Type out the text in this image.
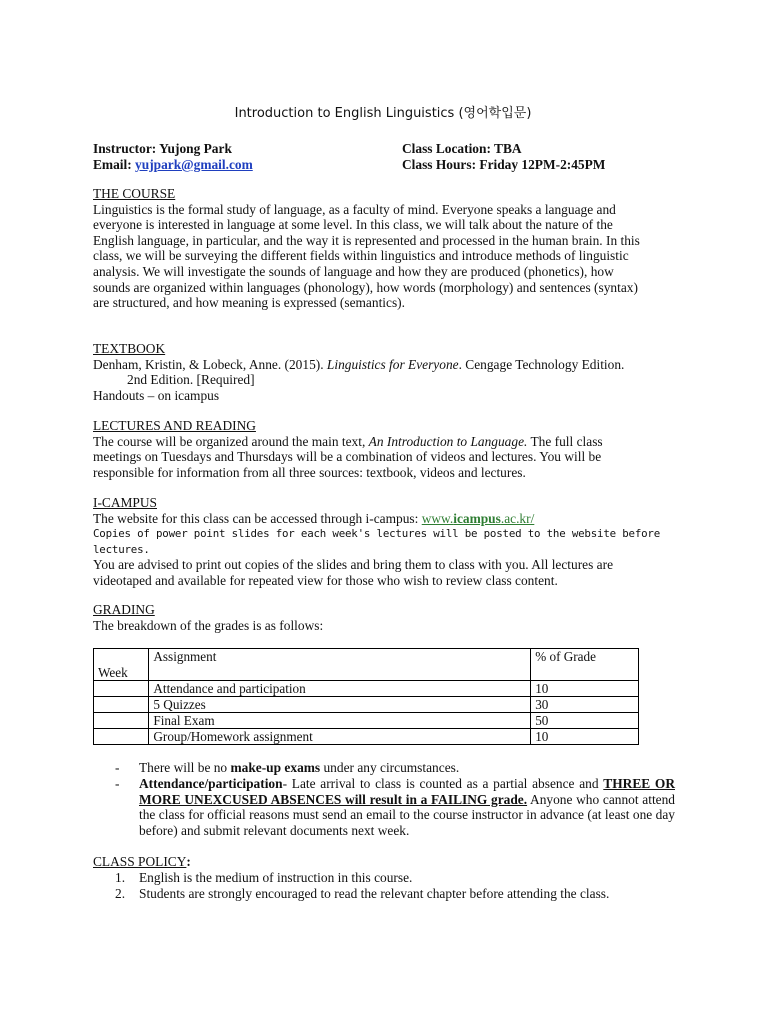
Introduction to English Linguistics (영어학입문)
Instructor: Yujong Park
Email: yujpark@gmail.com
Class Location: TBA
Class Hours: Friday 12PM-2:45PM
THE COURSE
Linguistics is the formal study of language, as a faculty of mind. Everyone speaks a language and everyone is interested in language at some level. In this class, we will talk about the nature of the English language, in particular, and the way it is represented and processed in the human brain. In this class, we will be surveying the different fields within linguistics and introduce methods of linguistic analysis. We will investigate the sounds of language and how they are produced (phonetics), how sounds are organized within languages (phonology), how words (morphology) and sentences (syntax) are structured, and how meaning is expressed (semantics).
TEXTBOOK
Denham, Kristin, & Lobeck, Anne. (2015). Linguistics for Everyone. Cengage Technology Edition.
2nd Edition. [Required]
Handouts – on icampus
LECTURES AND READING
The course will be organized around the main text, An Introduction to Language. The full class meetings on Tuesdays and Thursdays will be a combination of videos and lectures. You will be responsible for information from all three sources: textbook, videos and lectures.
I-CAMPUS
The website for this class can be accessed through i-campus: www.icampus.ac.kr/
Copies of power point slides for each week's lectures will be posted to the website before lectures.
You are advised to print out copies of the slides and bring them to class with you. All lectures are videotaped and available for repeated view for those who wish to review class content.
GRADING
The breakdown of the grades is as follows:
Week	Assignment	% of Grade
	Attendance and participation	10
	5 Quizzes	30
	Final Exam	50
	Group/Homework assignment	10
- There will be no make-up exams under any circumstances.
- Attendance/participation- Late arrival to class is counted as a partial absence and THREE OR MORE UNEXCUSED ABSENCES will result in a FAILING grade. Anyone who cannot attend the class for official reasons must send an email to the course instructor in advance (at least one day before) and submit relevant documents next week.
CLASS POLICY:
1. English is the medium of instruction in this course.
2. Students are strongly encouraged to read the relevant chapter before attending the class.
